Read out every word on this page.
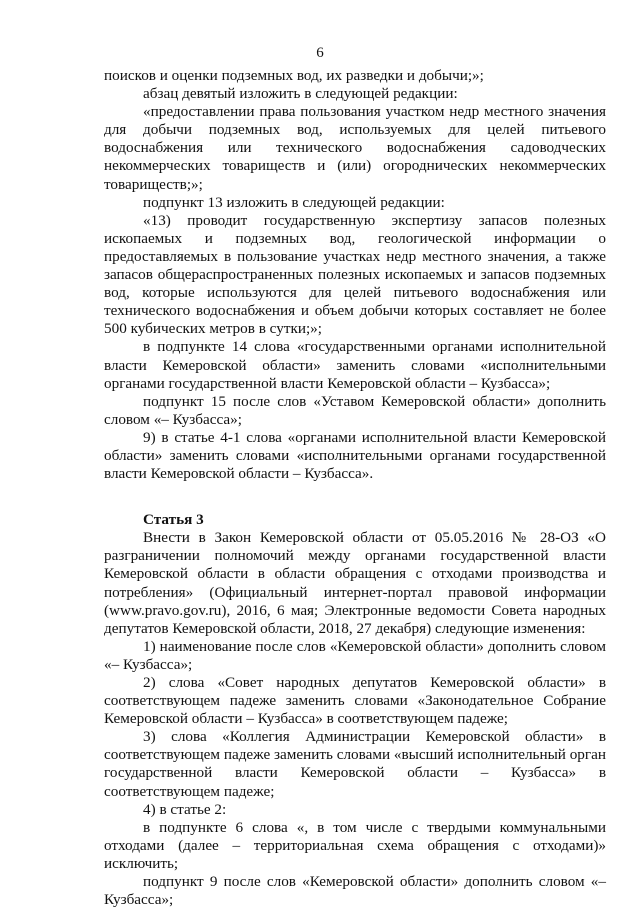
6

поисков и оценки подземных вод, их разведки и добычи;»;

абзац девятый изложить в следующей редакции:

«предоставлении права пользования участком недр местного значения для добычи подземных вод, используемых для целей питьевого водоснабжения или технического водоснабжения садоводческих некоммерческих товариществ и (или) огороднических некоммерческих товариществ;»;

подпункт 13 изложить в следующей редакции:

«13) проводит государственную экспертизу запасов полезных ископаемых и подземных вод, геологической информации о предоставляемых в пользование участках недр местного значения, а также запасов общераспространенных полезных ископаемых и запасов подземных вод, которые используются для целей питьевого водоснабжения или технического водоснабжения и объем добычи которых составляет не более 500 кубических метров в сутки;»;

в подпункте 14 слова «государственными органами исполнительной власти Кемеровской области» заменить словами «исполнительными органами государственной власти Кемеровской области – Кузбасса»;

подпункт 15 после слов «Уставом Кемеровской области» дополнить словом «– Кузбасса»;

9) в статье 4-1 слова «органами исполнительной власти Кемеровской области» заменить словами «исполнительными органами государственной власти Кемеровской области – Кузбасса».

Статья 3

Внести в Закон Кемеровской области от 05.05.2016 № 28-ОЗ «О разграничении полномочий между органами государственной власти Кемеровской области в области обращения с отходами производства и потребления» (Официальный интернет-портал правовой информации (www.pravo.gov.ru), 2016, 6 мая; Электронные ведомости Совета народных депутатов Кемеровской области, 2018, 27 декабря) следующие изменения:

1) наименование после слов «Кемеровской области» дополнить словом «– Кузбасса»;

2) слова «Совет народных депутатов Кемеровской области» в соответствующем падеже заменить словами «Законодательное Собрание Кемеровской области – Кузбасса» в соответствующем падеже;

3) слова «Коллегия Администрации Кемеровской области» в соответствующем падеже заменить словами «высший исполнительный орган государственной власти Кемеровской области – Кузбасса» в соответствующем падеже;

4) в статье 2:

в подпункте 6 слова «, в том числе с твердыми коммунальными отходами (далее – территориальная схема обращения с отходами)» исключить;

подпункт 9 после слов «Кемеровской области» дополнить словом «– Кузбасса»;
